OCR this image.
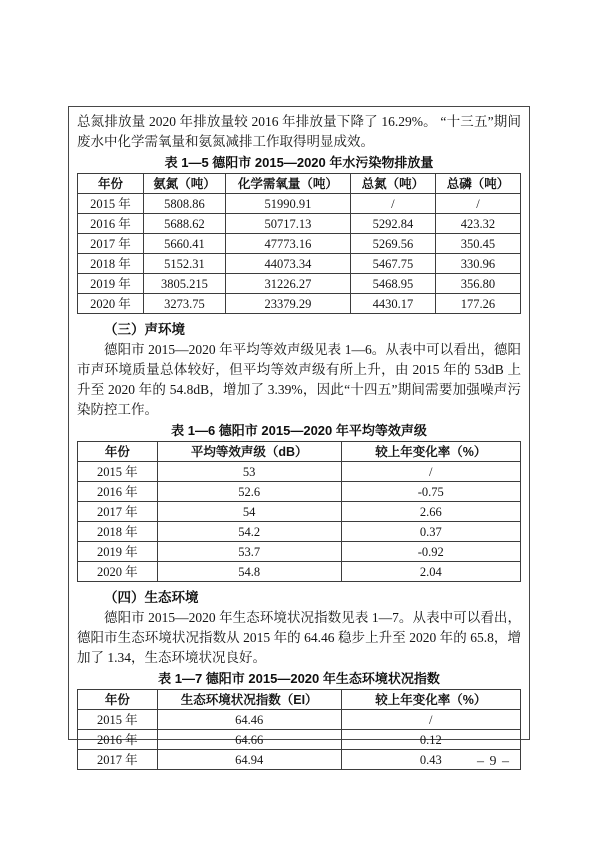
总氮排放量 2020 年排放量较 2016 年排放量下降了 16.29%。 “十三五”期间废水中化学需氧量和氨氮减排工作取得明显成效。

表 1—5 德阳市 2015—2020 年水污染物排放量

年份	氨氮（吨）	化学需氧量（吨）	总氮（吨）	总磷（吨）
2015 年	5808.86	51990.91	/	/
2016 年	5688.62	50717.13	5292.84	423.32
2017 年	5660.41	47773.16	5269.56	350.45
2018 年	5152.31	44073.34	5467.75	330.96
2019 年	3805.215	31226.27	5468.95	356.80
2020 年	3273.75	23379.29	4430.17	177.26

（三）声环境

德阳市 2015—2020 年平均等效声级见表 1—6。从表中可以看出，德阳市声环境质量总体较好，但平均等效声级有所上升，由 2015 年的 53dB 上升至 2020 年的 54.8dB，增加了 3.39%，因此“十四五”期间需要加强噪声污染防控工作。

表 1—6 德阳市 2015—2020 年平均等效声级

年份	平均等效声级（dB）	较上年变化率（%）
2015 年	53	/
2016 年	52.6	-0.75
2017 年	54	2.66
2018 年	54.2	0.37
2019 年	53.7	-0.92
2020 年	54.8	2.04

（四）生态环境

德阳市 2015—2020 年生态环境状况指数见表 1—7。从表中可以看出，德阳市生态环境状况指数从 2015 年的 64.46 稳步上升至 2020 年的 65.8，增加了 1.34，生态环境状况良好。

表 1—7 德阳市 2015—2020 年生态环境状况指数

年份	生态环境状况指数（EI）	较上年变化率（%）
2015 年	64.46	/
2016 年	64.66	0.12
2017 年	64.94	0.43	– 9 –
